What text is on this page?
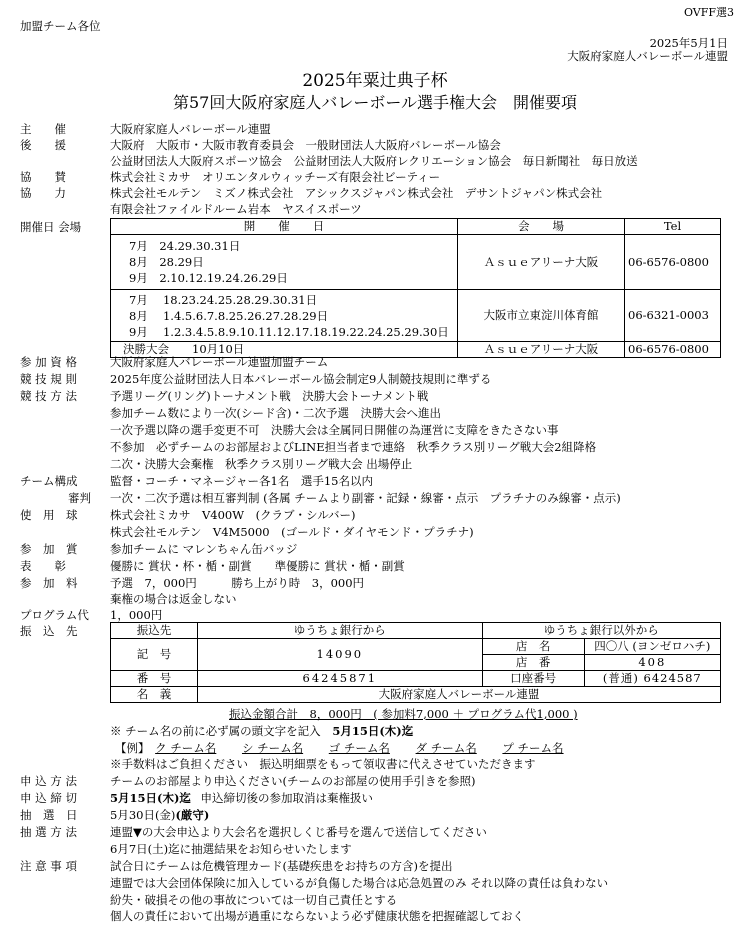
OVFF選3
加盟チーム各位
2025年5月1日
大阪府家庭人バレーボール連盟
2025年粟辻典子杯
第57回大阪府家庭人バレーボール選手権大会　開催要項
主　　催	大阪府家庭人バレーボール連盟
後　　援	大阪府　大阪市・大阪市教育委員会　一般財団法人大阪府バレーボール協会
公益財団法人大阪府スポーツ協会　公益財団法人大阪府レクリエーション協会　毎日新聞社　毎日放送
協　　賛	株式会社ミカサ　オリエンタルウィッチーズ有限会社ビーティー
協　　力	株式会社モルテン　ミズノ株式会社　アシックスジャパン株式会社　デサントジャパン株式会社
有限会社ファイルドルーム岩本　ヤスイスポーツ
開催日 会場	開　　催　　日	会　　場	Tel

7月　24.29.30.31日
8月　28.29日
9月　2.10.12.19.24.26.29日	Ａｓｕｅアリーナ大阪	06-6576-0800

7月　 18.23.24.25.28.29.30.31日
8月　 1.4.5.6.7.8.25.26.27.28.29日
9月　 1.2.3.4.5.8.9.10.11.12.17.18.19.22.24.25.29.30日	大阪市立東淀川体育館	06-6321-0003
決勝大会　　10月10日	Ａｓｕｅアリーナ大阪	06-6576-0800
参 加 資 格	大阪府家庭人バレーボール連盟加盟チーム
競 技 規 則	2025年度公益財団法人日本バレーボール協会制定9人制競技規則に準ずる
競 技 方 法	予選リーグ(リング)トーナメント戦　決勝大会トーナメント戦
参加チーム数により一次(シード含)・二次予選　決勝大会へ進出
一次予選以降の選手変更不可　決勝大会は全属同日開催の為運営に支障をきたさない事
不参加　必ずチームのお部屋およびLINE担当者まで連絡　秋季クラス別リーグ戦大会2組降格
二次・決勝大会棄権　秋季クラス別リーグ戦大会 出場停止
チーム構成	監督・コーチ・マネージャー各1名　選手15名以内
審判 一次・二次予選は相互審判制 (各属 チームより副審・記録・線審・点示　プラチナのみ線審・点示)
使　用　球	株式会社ミカサ　V400W　(クラブ・シルバー)
株式会社モルテン　V4M5000　(ゴールド・ダイヤモンド・プラチナ)
参　加　賞	参加チームに マレンちゃん缶バッジ
表　　彰	優勝に 賞状・杯・楯・副賞　　準優勝に 賞状・楯・副賞
参　加　料	予選　7，000円　　　勝ち上がり時　3，000円
棄権の場合は返金しない
プログラム代 1，000円
振　込　先	振込先	ゆうちょ銀行から	ゆうちょ銀行以外から	
記　号	14090	店　名	四〇八 (ヨンゼロハチ)
		店　番	408
番　号	64245871	口座番号	(普通) 6424587
名　義	大阪府家庭人バレーボール連盟		
振込金額合計　8，000円　( 参加料7,000 ＋ プログラム代1,000 )
※ チーム名の前に必ず属の頭文字を記入 5月15日(木)迄
【例】 ク チーム名 シ チーム名 ゴ チーム名 ダ チーム名 プ チーム名
※手数料はご負担ください　振込明細票をもって領収書に代えさせていただきます
申 込 方 法	チームのお部屋より申込ください(チームのお部屋の使用手引きを参照)
申 込 締 切	5月15日(木)迄 申込締切後の参加取消は棄権扱い
抽　選　日	5月30日(金)(厳守)
抽 選 方 法	連盟▼の大会申込より大会名を選択しくじ番号を選んで送信してください
6月7日(土)迄に抽選結果をお知らせいたします
注 意 事 項	試合日にチームは危機管理カード(基礎疾患をお持ちの方含)を提出
連盟では大会団体保険に加入しているが負傷した場合は応急処置のみ それ以降の責任は負わない
紛失・破損その他の事故については一切自己責任とする
個人の責任において出場が過重にならないよう必ず健康状態を把握確認しておく
